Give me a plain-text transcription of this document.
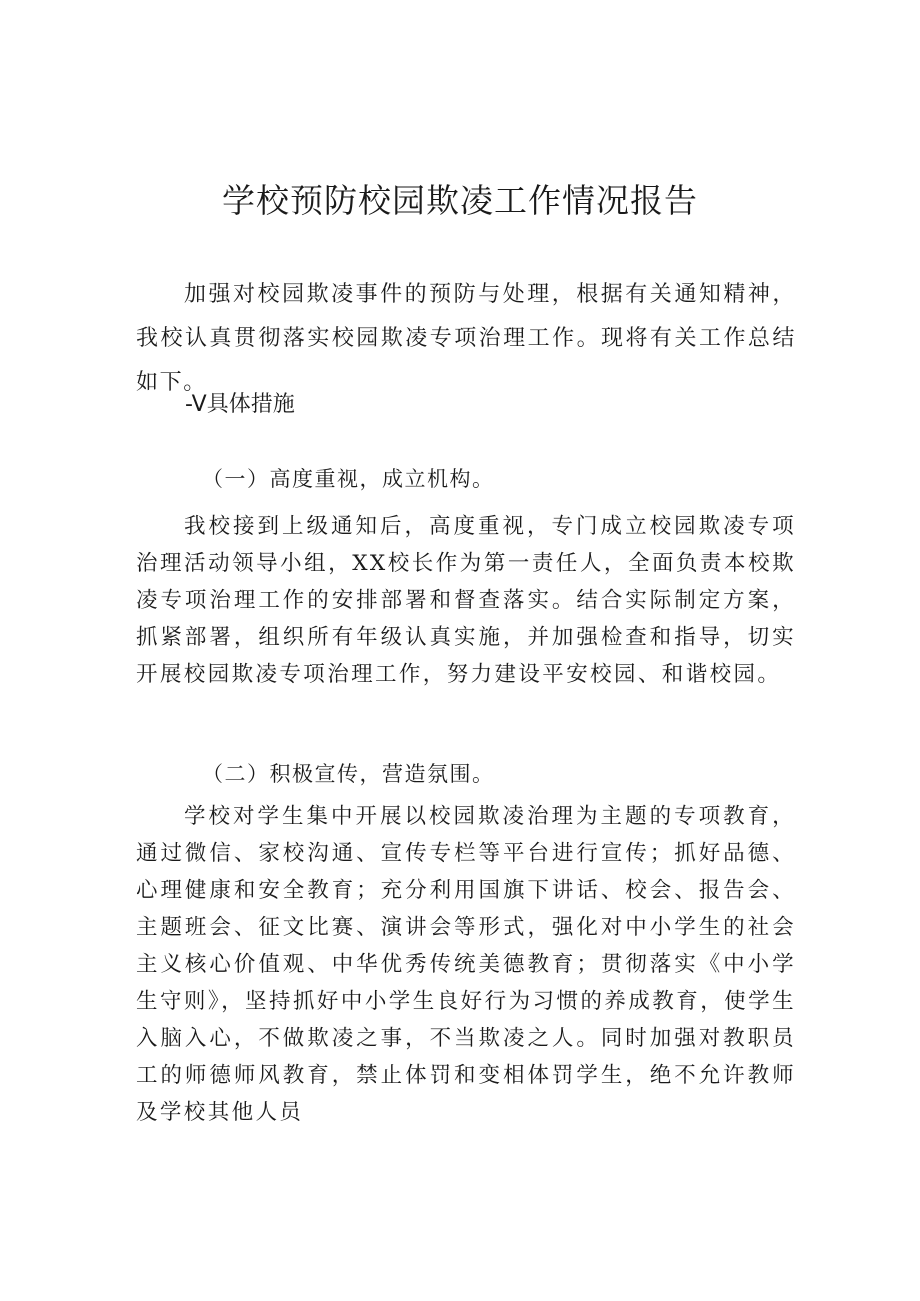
学校预防校园欺凌工作情况报告

加强对校园欺凌事件的预防与处理，根据有关通知精神，我校认真贯彻落实校园欺凌专项治理工作。现将有关工作总结如下。

-V具体措施

（一）高度重视，成立机构。

我校接到上级通知后，高度重视，专门成立校园欺凌专项治理活动领导小组，XX校长作为第一责任人，全面负责本校欺凌专项治理工作的安排部署和督查落实。结合实际制定方案，抓紧部署，组织所有年级认真实施，并加强检查和指导，切实开展校园欺凌专项治理工作，努力建设平安校园、和谐校园。

（二）积极宣传，营造氛围。

学校对学生集中开展以校园欺凌治理为主题的专项教育，通过微信、家校沟通、宣传专栏等平台进行宣传；抓好品德、心理健康和安全教育；充分利用国旗下讲话、校会、报告会、主题班会、征文比赛、演讲会等形式，强化对中小学生的社会主义核心价值观、中华优秀传统美德教育；贯彻落实《中小学生守则》，坚持抓好中小学生良好行为习惯的养成教育，使学生入脑入心，不做欺凌之事，不当欺凌之人。同时加强对教职员工的师德师风教育，禁止体罚和变相体罚学生，绝不允许教师及学校其他人员
